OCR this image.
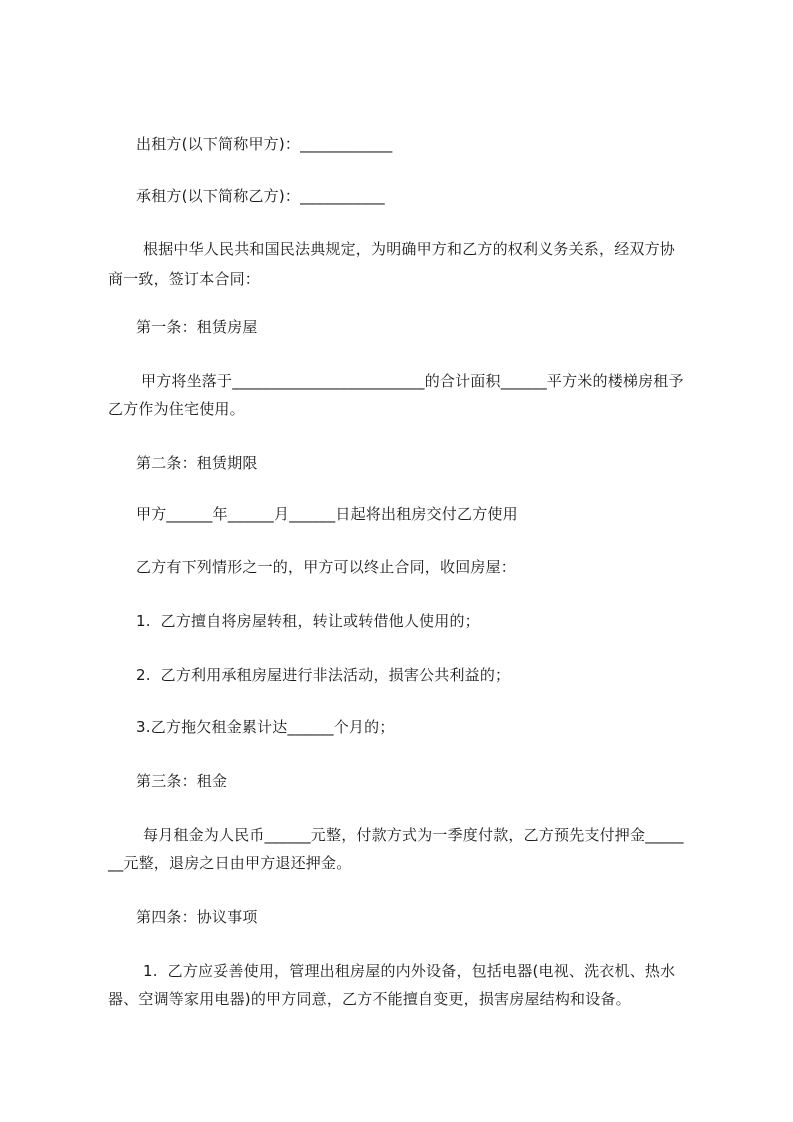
出租方(以下简称甲方)：____________
承租方(以下简称乙方)：___________
根据中华人民共和国民法典规定，为明确甲方和乙方的权利义务关系，经双方协
商一致，签订本合同：
第一条：租赁房屋
甲方将坐落于_________________________的合计面积______平方米的楼梯房租予
乙方作为住宅使用。
第二条：租赁期限
甲方______年______月______日起将出租房交付乙方使用
乙方有下列情形之一的，甲方可以终止合同，收回房屋：
1.  乙方擅自将房屋转租，转让或转借他人使用的；
2.  乙方利用承租房屋进行非法活动，损害公共利益的；
3.乙方拖欠租金累计达______个月的；
第三条：租金
每月租金为人民币______元整，付款方式为一季度付款，乙方预先支付押金_____
__元整，退房之日由甲方退还押金。
第四条：协议事项
1.  乙方应妥善使用，管理出租房屋的内外设备，包括电器(电视、洗衣机、热水
器、空调等家用电器)的甲方同意，乙方不能擅自变更，损害房屋结构和设备。
